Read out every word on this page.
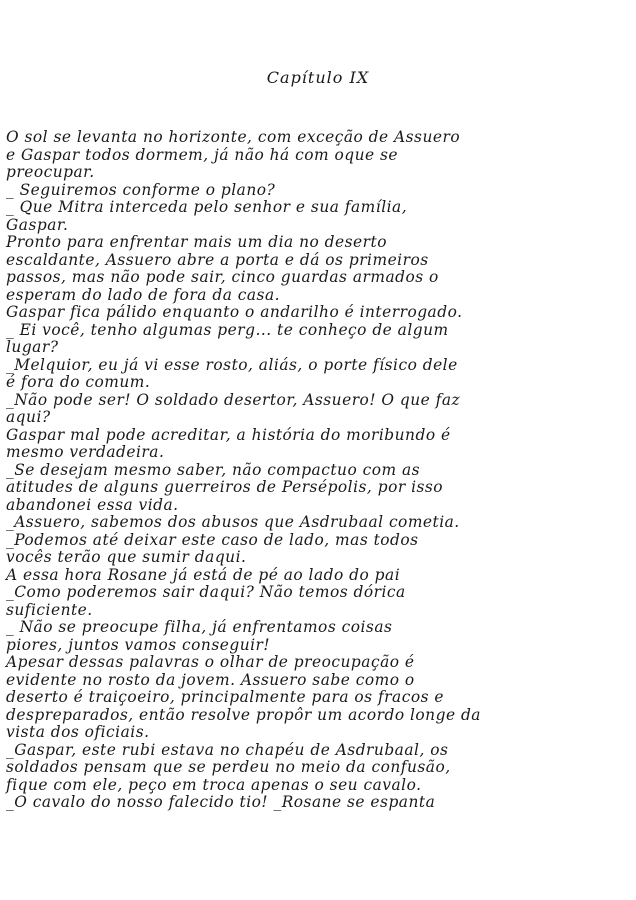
Capítulo IX
O sol se levanta no horizonte, com exceção de Assuero
e Gaspar todos dormem, já não há com oque se
preocupar.
_ Seguiremos conforme o plano?
_ Que Mitra interceda pelo senhor e sua família,
Gaspar.
Pronto para enfrentar mais um dia no deserto
escaldante, Assuero abre a porta e dá os primeiros
passos, mas não pode sair, cinco guardas armados o
esperam do lado de fora da casa.
Gaspar fica pálido enquanto o andarilho é interrogado.
_ Ei você, tenho algumas perg... te conheço de algum
lugar?
_Melquior, eu já vi esse rosto, aliás, o porte físico dele
é fora do comum.
_Não pode ser! O soldado desertor, Assuero! O que faz
aqui?
Gaspar mal pode acreditar, a história do moribundo é
mesmo verdadeira.
_Se desejam mesmo saber, não compactuo com as
atitudes de alguns guerreiros de Persépolis, por isso
abandonei essa vida.
_Assuero, sabemos dos abusos que Asdrubaal cometia.
_Podemos até deixar este caso de lado, mas todos
vocês terão que sumir daqui.
A essa hora Rosane já está de pé ao lado do pai
_Como poderemos sair daqui? Não temos dórica
suficiente.
_ Não se preocupe filha, já enfrentamos coisas
piores, juntos vamos conseguir!
Apesar dessas palavras o olhar de preocupação é
evidente no rosto da jovem. Assuero sabe como o
deserto é traiçoeiro, principalmente para os fracos e
despreparados, então resolve propôr um acordo longe da
vista dos oficiais.
_Gaspar, este rubi estava no chapéu de Asdrubaal, os
soldados pensam que se perdeu no meio da confusão,
fique com ele, peço em troca apenas o seu cavalo.
_O cavalo do nosso falecido tio! _Rosane se espanta
